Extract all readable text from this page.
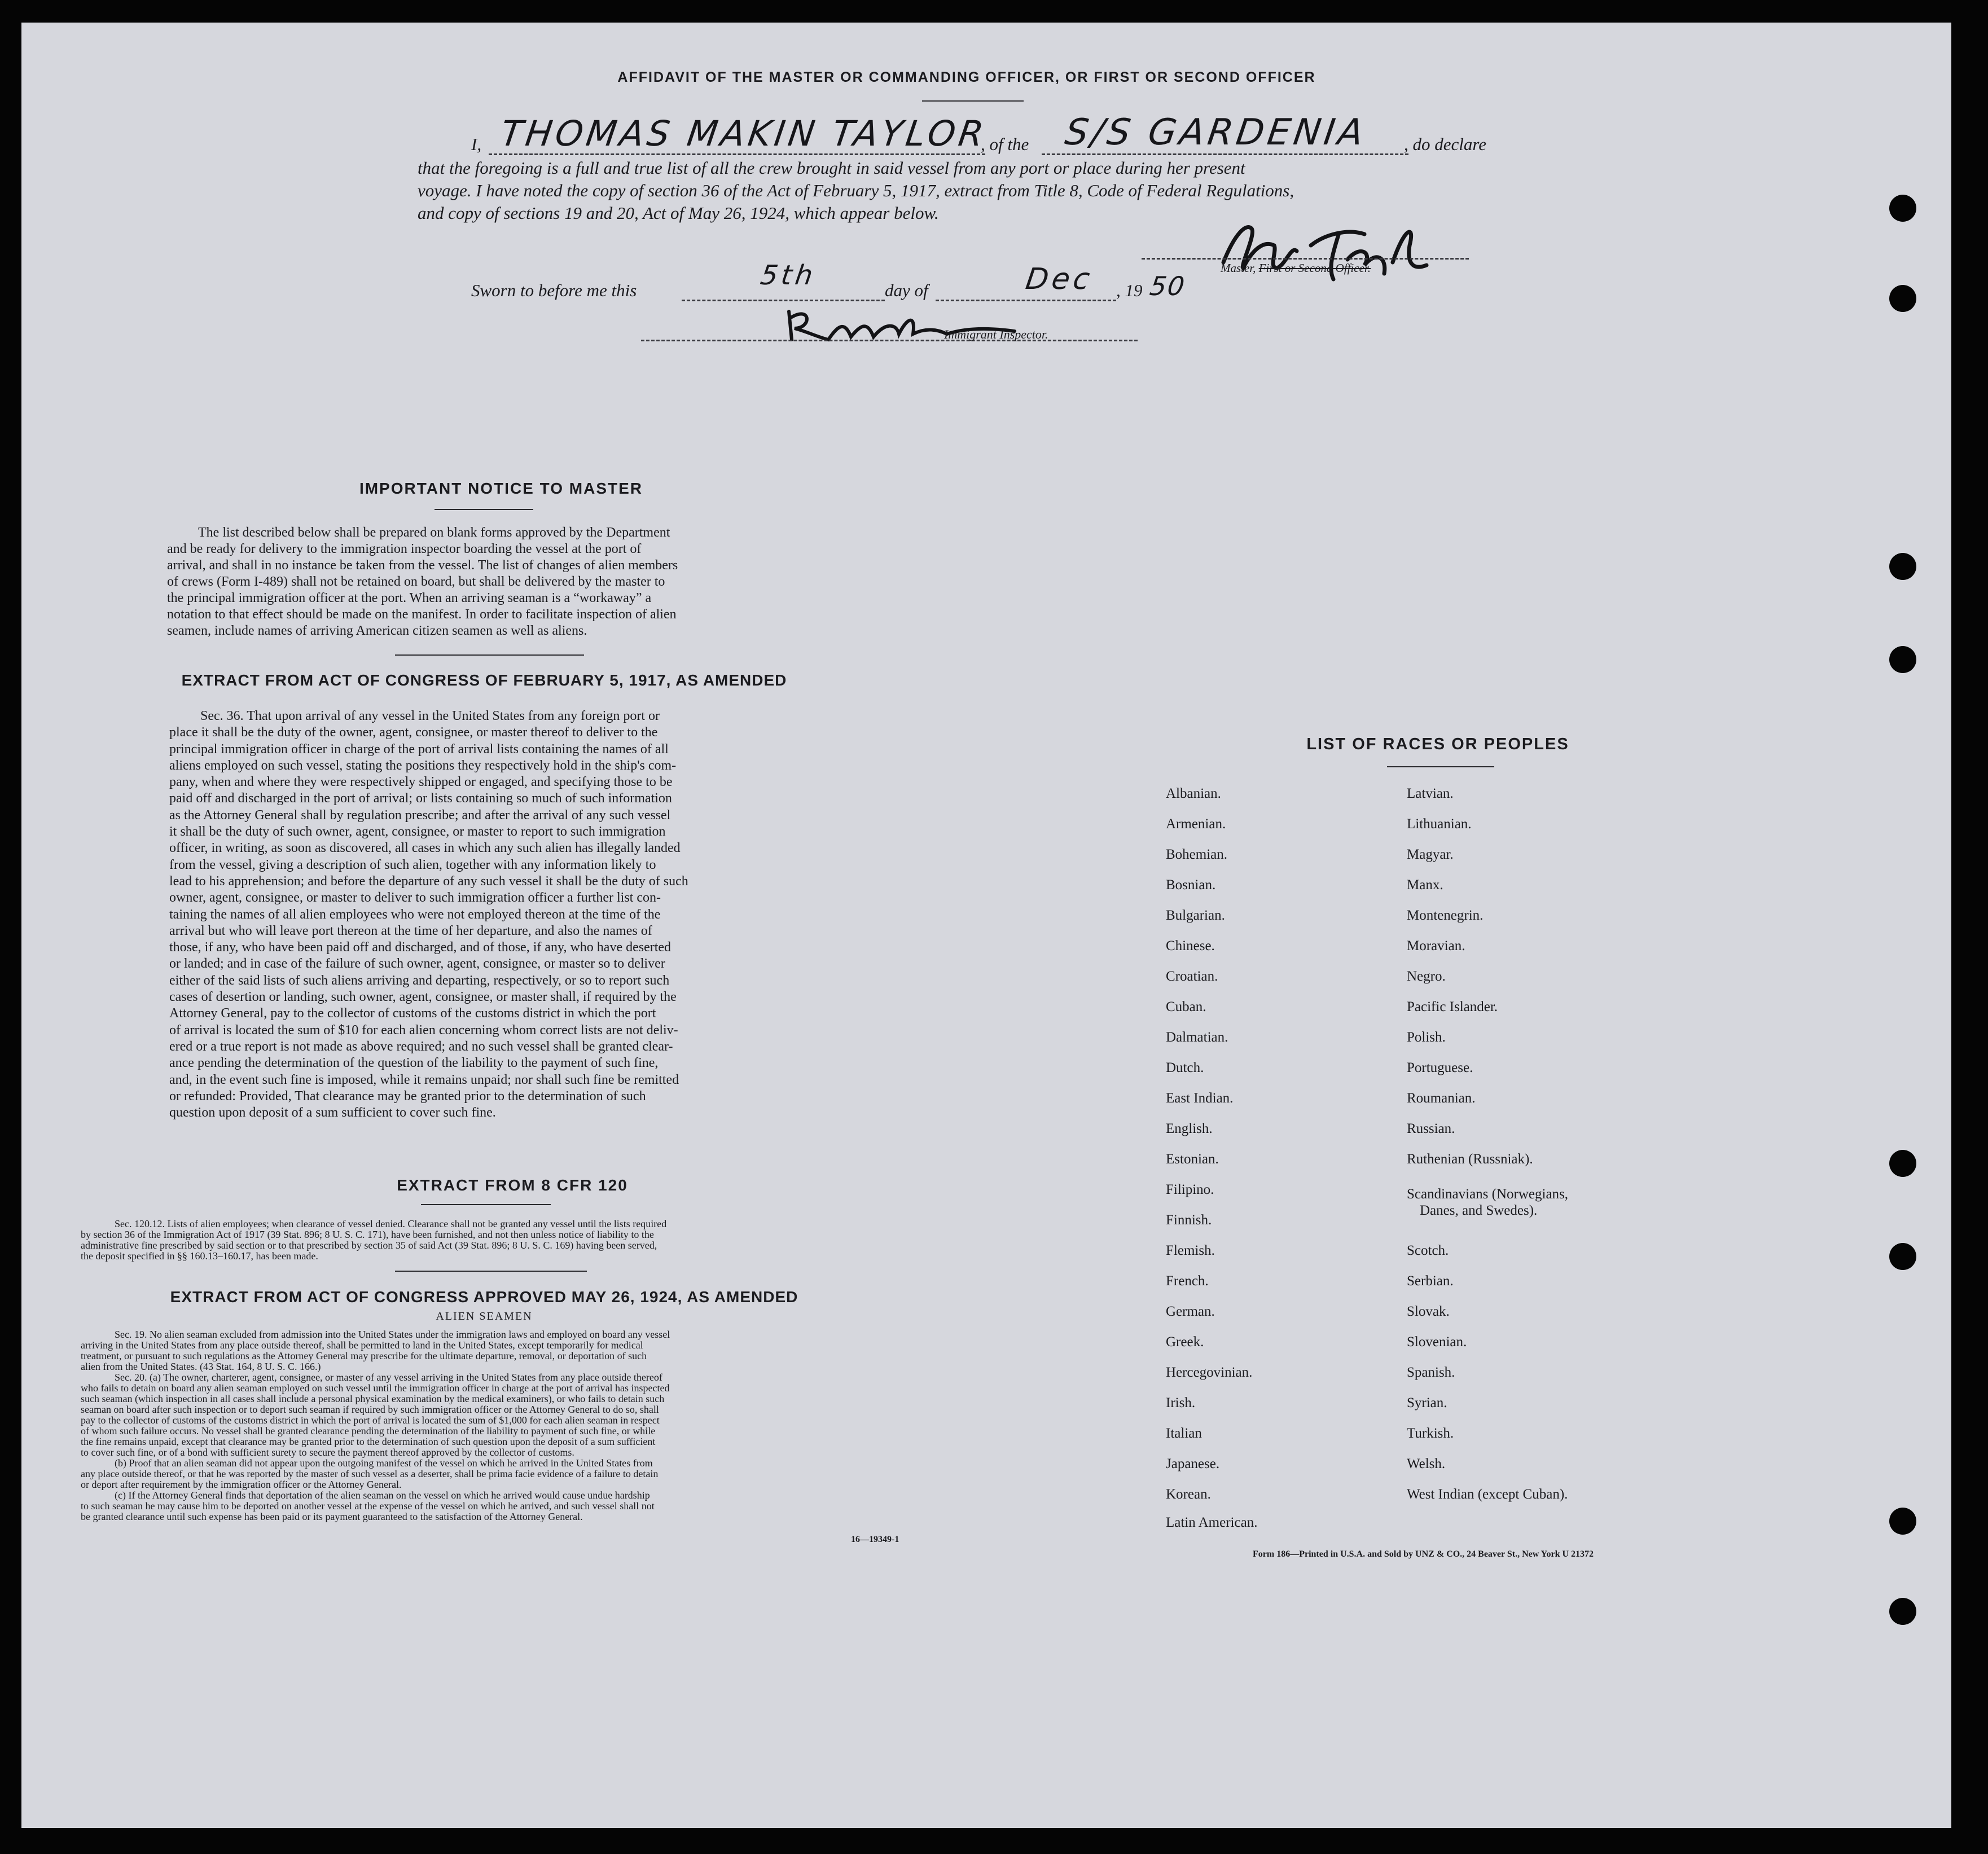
AFFIDAVIT OF THE MASTER OR COMMANDING OFFICER, OR FIRST OR SECOND OFFICER
I, THOMAS MAKIN TAYLOR
, of the S/S GARDENIA , do declare
that the foregoing is a full and true list of all the crew brought in said vessel from any port or place during her present
voyage. I have noted the copy of section 36 of the Act of February 5, 1917, extract from Title 8, Code of Federal Regulations,
and copy of sections 19 and 20, Act of May 26, 1924, which appear below.
Master, First or Second Officer.
Sworn to before me this	5th	day of	Dec , 19 50
Immigrant Inspector.
IMPORTANT NOTICE TO MASTER
The list described below shall be prepared on blank forms approved by the Department
and be ready for delivery to the immigration inspector boarding the vessel at the port of
arrival, and shall in no instance be taken from the vessel. The list of changes of alien members
of crews (Form I-489) shall not be retained on board, but shall be delivered by the master to
the principal immigration officer at the port. When an arriving seaman is a “workaway” a
notation to that effect should be made on the manifest. In order to facilitate inspection of alien
seamen, include names of arriving American citizen seamen as well as aliens.
EXTRACT FROM ACT OF CONGRESS OF FEBRUARY 5, 1917, AS AMENDED
Sec. 36. That upon arrival of any vessel in the United States from any foreign port or
place it shall be the duty of the owner, agent, consignee, or master thereof to deliver to the
principal immigration officer in charge of the port of arrival lists containing the names of all
aliens employed on such vessel, stating the positions they respectively hold in the ship's com-
pany, when and where they were respectively shipped or engaged, and specifying those to be
paid off and discharged in the port of arrival; or lists containing so much of such information
as the Attorney General shall by regulation prescribe; and after the arrival of any such vessel
it shall be the duty of such owner, agent, consignee, or master to report to such immigration
officer, in writing, as soon as discovered, all cases in which any such alien has illegally landed
from the vessel, giving a description of such alien, together with any information likely to
lead to his apprehension; and before the departure of any such vessel it shall be the duty of such
owner, agent, consignee, or master to deliver to such immigration officer a further list con-
taining the names of all alien employees who were not employed thereon at the time of the
arrival but who will leave port thereon at the time of her departure, and also the names of
those, if any, who have been paid off and discharged, and of those, if any, who have deserted
or landed; and in case of the failure of such owner, agent, consignee, or master so to deliver
either of the said lists of such aliens arriving and departing, respectively, or so to report such
cases of desertion or landing, such owner, agent, consignee, or master shall, if required by the
Attorney General, pay to the collector of customs of the customs district in which the port
of arrival is located the sum of $10 for each alien concerning whom correct lists are not deliv-
ered or a true report is not made as above required; and no such vessel shall be granted clear-
ance pending the determination of the question of the liability to the payment of such fine,
and, in the event such fine is imposed, while it remains unpaid; nor shall such fine be remitted
or refunded: Provided, That clearance may be granted prior to the determination of such
question upon deposit of a sum sufficient to cover such fine.
EXTRACT FROM 8 CFR 120
Sec. 120.12. Lists of alien employees; when clearance of vessel denied. Clearance shall not be granted any vessel until the lists required
by section 36 of the Immigration Act of 1917 (39 Stat. 896; 8 U. S. C. 171), have been furnished, and not then unless notice of liability to the
administrative fine prescribed by said section or to that prescribed by section 35 of said Act (39 Stat. 896; 8 U. S. C. 169) having been served,
the deposit specified in §§ 160.13–160.17, has been made.
EXTRACT FROM ACT OF CONGRESS APPROVED MAY 26, 1924, AS AMENDED
ALIEN SEAMEN
Sec. 19. No alien seaman excluded from admission into the United States under the immigration laws and employed on board any vessel
arriving in the United States from any place outside thereof, shall be permitted to land in the United States, except temporarily for medical
treatment, or pursuant to such regulations as the Attorney General may prescribe for the ultimate departure, removal, or deportation of such
alien from the United States. (43 Stat. 164, 8 U. S. C. 166.)
Sec. 20. (a) The owner, charterer, agent, consignee, or master of any vessel arriving in the United States from any place outside thereof
who fails to detain on board any alien seaman employed on such vessel until the immigration officer in charge at the port of arrival has inspected
such seaman (which inspection in all cases shall include a personal physical examination by the medical examiners), or who fails to detain such
seaman on board after such inspection or to deport such seaman if required by such immigration officer or the Attorney General to do so, shall
pay to the collector of customs of the customs district in which the port of arrival is located the sum of $1,000 for each alien seaman in respect
of whom such failure occurs. No vessel shall be granted clearance pending the determination of the liability to payment of such fine, or while
the fine remains unpaid, except that clearance may be granted prior to the determination of such question upon the deposit of a sum sufficient
to cover such fine, or of a bond with sufficient surety to secure the payment thereof approved by the collector of customs.
(b) Proof that an alien seaman did not appear upon the outgoing manifest of the vessel on which he arrived in the United States from
any place outside thereof, or that he was reported by the master of such vessel as a deserter, shall be prima facie evidence of a failure to detain
or deport after requirement by the immigration officer or the Attorney General.
(c) If the Attorney General finds that deportation of the alien seaman on the vessel on which he arrived would cause undue hardship
to such seaman he may cause him to be deported on another vessel at the expense of the vessel on which he arrived, and such vessel shall not
be granted clearance until such expense has been paid or its payment guaranteed to the satisfaction of the Attorney General.
16—19349-1
LIST OF RACES OR PEOPLES
Albanian.
Armenian.
Bohemian.
Bosnian.
Bulgarian.
Chinese.
Croatian.
Cuban.
Dalmatian.
Dutch.
East Indian.
English.
Estonian.
Filipino.
Finnish.
Flemish.
French.
German.
Greek.
Hercegovinian.
Irish.
Italian
Japanese.
Korean.
Latin American.
Latvian.
Lithuanian.
Magyar.
Manx.
Montenegrin.
Moravian.
Negro.
Pacific Islander.
Polish.
Portuguese.
Roumanian.
Russian.
Ruthenian (Russniak).
Scandinavians (Norwegians,
Danes, and Swedes).
Scotch.
Serbian.
Slovak.
Slovenian.
Spanish.
Syrian.
Turkish.
Welsh.
West Indian (except Cuban).
Form 186—Printed in U.S.A. and Sold by UNZ & CO., 24 Beaver St., New York U 21372
